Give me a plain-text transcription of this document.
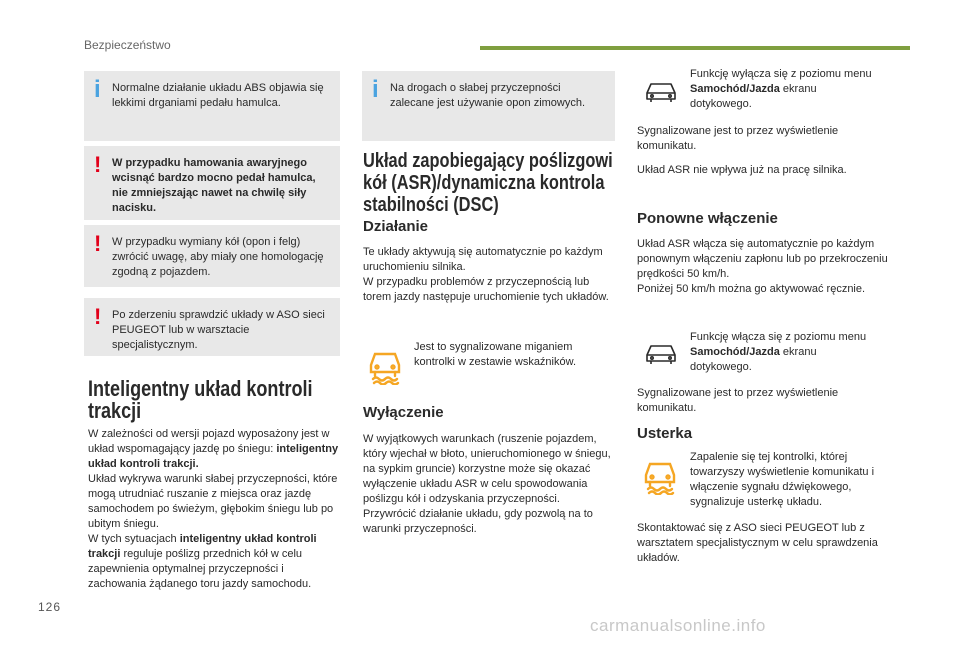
Bezpieczeństwo
i Normalne działanie układu ABS objawia się lekkimi drganiami pedału hamulca.
! W przypadku hamowania awaryjnego wcisnąć bardzo mocno pedał hamulca, nie zmniejszając nawet na chwilę siły nacisku.
! W przypadku wymiany kół (opon i felg) zwrócić uwagę, aby miały one homologację zgodną z pojazdem.
! Po zderzeniu sprawdzić układy w ASO sieci PEUGEOT lub w warsztacie specjalistycznym.
Inteligentny układ kontroli trakcji
W zależności od wersji pojazd wyposażony jest w układ wspomagający jazdę po śniegu: inteligentny układ kontroli trakcji.
Układ wykrywa warunki słabej przyczepności, które mogą utrudniać ruszanie z miejsca oraz jazdę samochodem po świeżym, głębokim śniegu lub po ubitym śniegu.
W tych sytuacjach inteligentny układ kontroli trakcji reguluje poślizg przednich kół w celu zapewnienia optymalnej przyczepności i zachowania żądanego toru jazdy samochodu.
i Na drogach o słabej przyczepności zalecane jest używanie opon zimowych.
Układ zapobiegający poślizgowi kół (ASR)/dynamiczna kontrola stabilności (DSC)
Działanie
Te układy aktywują się automatycznie po każdym uruchomieniu silnika.
W przypadku problemów z przyczepnością lub torem jazdy następuje uruchomienie tych układów.
Jest to sygnalizowane miganiem kontrolki w zestawie wskaźników.
Wyłączenie
W wyjątkowych warunkach (ruszenie pojazdem, który wjechał w błoto, unieruchomionego w śniegu, na sypkim gruncie) korzystne może się okazać wyłączenie układu ASR w celu spowodowania poślizgu kół i odzyskania przyczepności.
Przywrócić działanie układu, gdy pozwolą na to warunki przyczepności.
Funkcję wyłącza się z poziomu menu Samochód/Jazda ekranu dotykowego.
Sygnalizowane jest to przez wyświetlenie komunikatu.
Układ ASR nie wpływa już na pracę silnika.
Ponowne włączenie
Układ ASR włącza się automatycznie po każdym ponownym włączeniu zapłonu lub po przekroczeniu prędkości 50 km/h.
Poniżej 50 km/h można go aktywować ręcznie.
Funkcję włącza się z poziomu menu Samochód/Jazda ekranu dotykowego.
Sygnalizowane jest to przez wyświetlenie komunikatu.
Usterka
Zapalenie się tej kontrolki, której towarzyszy wyświetlenie komunikatu i włączenie sygnału dźwiękowego, sygnalizuje usterkę układu.
Skontaktować się z ASO sieci PEUGEOT lub z warsztatem specjalistycznym w celu sprawdzenia układów.
126
carmanualsonline.info
